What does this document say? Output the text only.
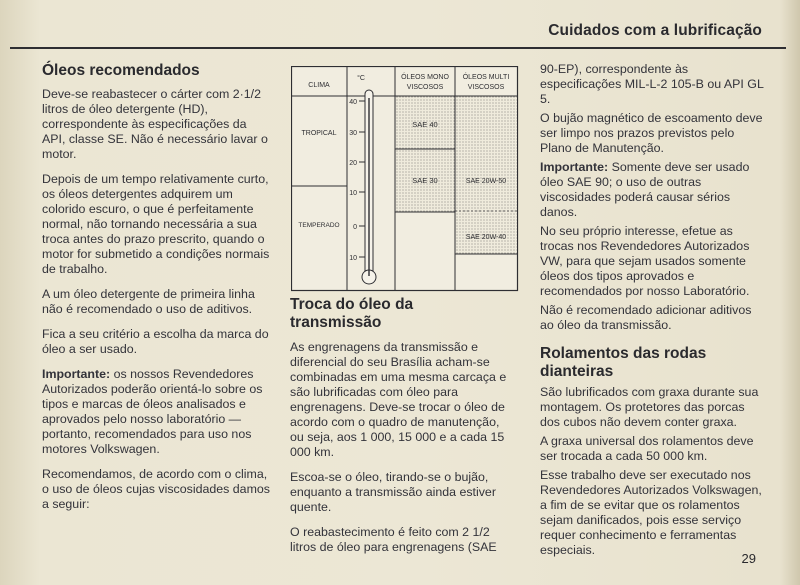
Cuidados com a lubrificação
Óleos recomendados

Deve-se reabastecer o cárter com 2·1/2 litros de óleo detergente (HD), correspondente às especificações da API, classe SE. Não é necessário lavar o motor.

Depois de um tempo relativamente curto, os óleos detergentes adquirem um colorido escuro, o que é perfeitamente normal, não tornando necessária a sua troca antes do prazo prescrito, quando o motor for submetido a condições normais de trabalho.

A um óleo detergente de primeira linha não é recomendado o uso de aditivos.

Fica a seu critério a escolha da marca do óleo a ser usado.

Importante: os nossos Revendedores Autorizados poderão orientá-lo sobre os tipos e marcas de óleos analisados e aprovados pelo nosso laboratório — portanto, recomendados para uso nos motores Volkswagen.

Recomendamos, de acordo com o clima, o uso de óleos cujas viscosidades damos a seguir:

CLIMA
°C	ÓLEOS MONO
VISCOSOS
ÓLEOS MULTI
VISCOSOS
TROPICAL
TEMPERADO
40
30
20
10
0
10
SAE 40
SAE 30	SAE 20W-50
SAE 20W-40
Troca do óleo da
transmissão

As engrenagens da transmissão e diferencial do seu Brasília acham-se combinadas em uma mesma carcaça e são lubrificadas com óleo para engrenagens. Deve-se trocar o óleo de acordo com o quadro de manutenção, ou seja, aos 1 000, 15 000 e a cada 15 000 km.

Escoa-se o óleo, tirando-se o bujão, enquanto a transmissão ainda estiver quente.

O reabastecimento é feito com 2 1/2 litros de óleo para engrenagens (SAE

90-EP), correspondente às especificações MIL-L-2 105-B ou API GL 5.

O bujão magnético de escoamento deve ser limpo nos prazos previstos pelo Plano de Manutenção.

Importante: Somente deve ser usado óleo SAE 90; o uso de outras viscosidades poderá causar sérios danos.

No seu próprio interesse, efetue as trocas nos Revendedores Autorizados VW, para que sejam usados somente óleos dos tipos aprovados e recomendados por nosso Laboratório.

Não é recomendado adicionar aditivos ao óleo da transmissão.

Rolamentos das rodas
dianteiras

São lubrificados com graxa durante sua montagem. Os protetores das porcas dos cubos não devem conter graxa.

A graxa universal dos rolamentos deve ser trocada a cada 50 000 km.

Esse trabalho deve ser executado nos Revendedores Autorizados Volkswagen, a fim de se evitar que os rolamentos sejam danificados, pois esse serviço requer conhecimento e ferramentas especiais.

29
